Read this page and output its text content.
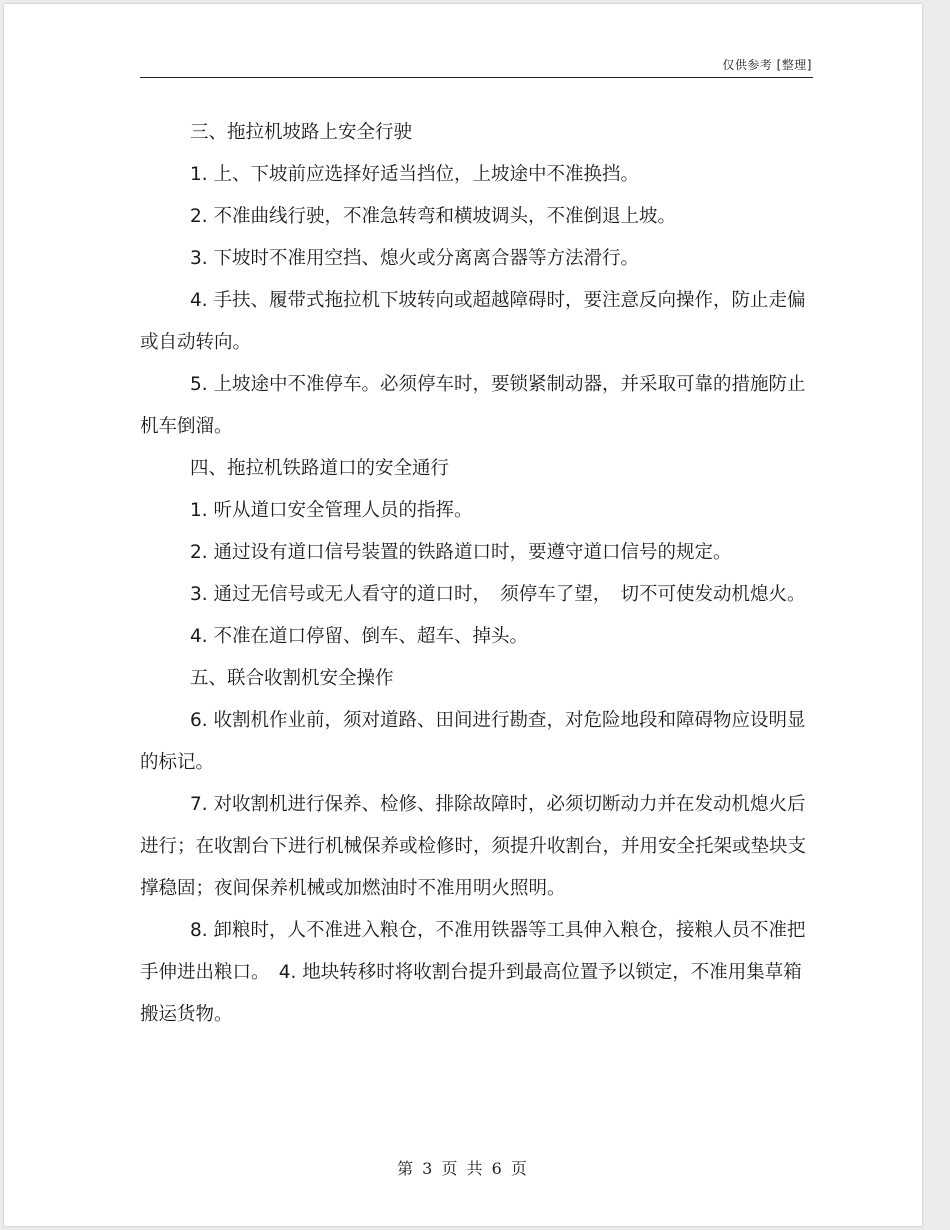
仅供参考 [整理]

三、拖拉机坡路上安全行驶

1. 上、下坡前应选择好适当挡位，上坡途中不准换挡。

2. 不准曲线行驶，不准急转弯和横坡调头，不准倒退上坡。

3. 下坡时不准用空挡、熄火或分离离合器等方法滑行。

4. 手扶、履带式拖拉机下坡转向或超越障碍时，要注意反向操作，防止走偏或自动转向。

5. 上坡途中不准停车。必须停车时，要锁紧制动器，并采取可靠的措施防止机车倒溜。

四、拖拉机铁路道口的安全通行

1. 听从道口安全管理人员的指挥。

2. 通过设有道口信号装置的铁路道口时，要遵守道口信号的规定。

3. 通过无信号或无人看守的道口时，　须停车了望，　切不可使发动机熄火。

4. 不准在道口停留、倒车、超车、掉头。

五、联合收割机安全操作

6. 收割机作业前，须对道路、田间进行勘查，对危险地段和障碍物应设明显的标记。

7. 对收割机进行保养、检修、排除故障时，必须切断动力并在发动机熄火后进行；在收割台下进行机械保养或检修时，须提升收割台，并用安全托架或垫块支撑稳固；夜间保养机械或加燃油时不准用明火照明。

8. 卸粮时，人不准进入粮仓，不准用铁器等工具伸入粮仓，接粮人员不准把手伸进出粮口。　4. 地块转移时将收割台提升到最高位置予以锁定，不准用集草箱搬运货物。

第 3 页 共 6 页
